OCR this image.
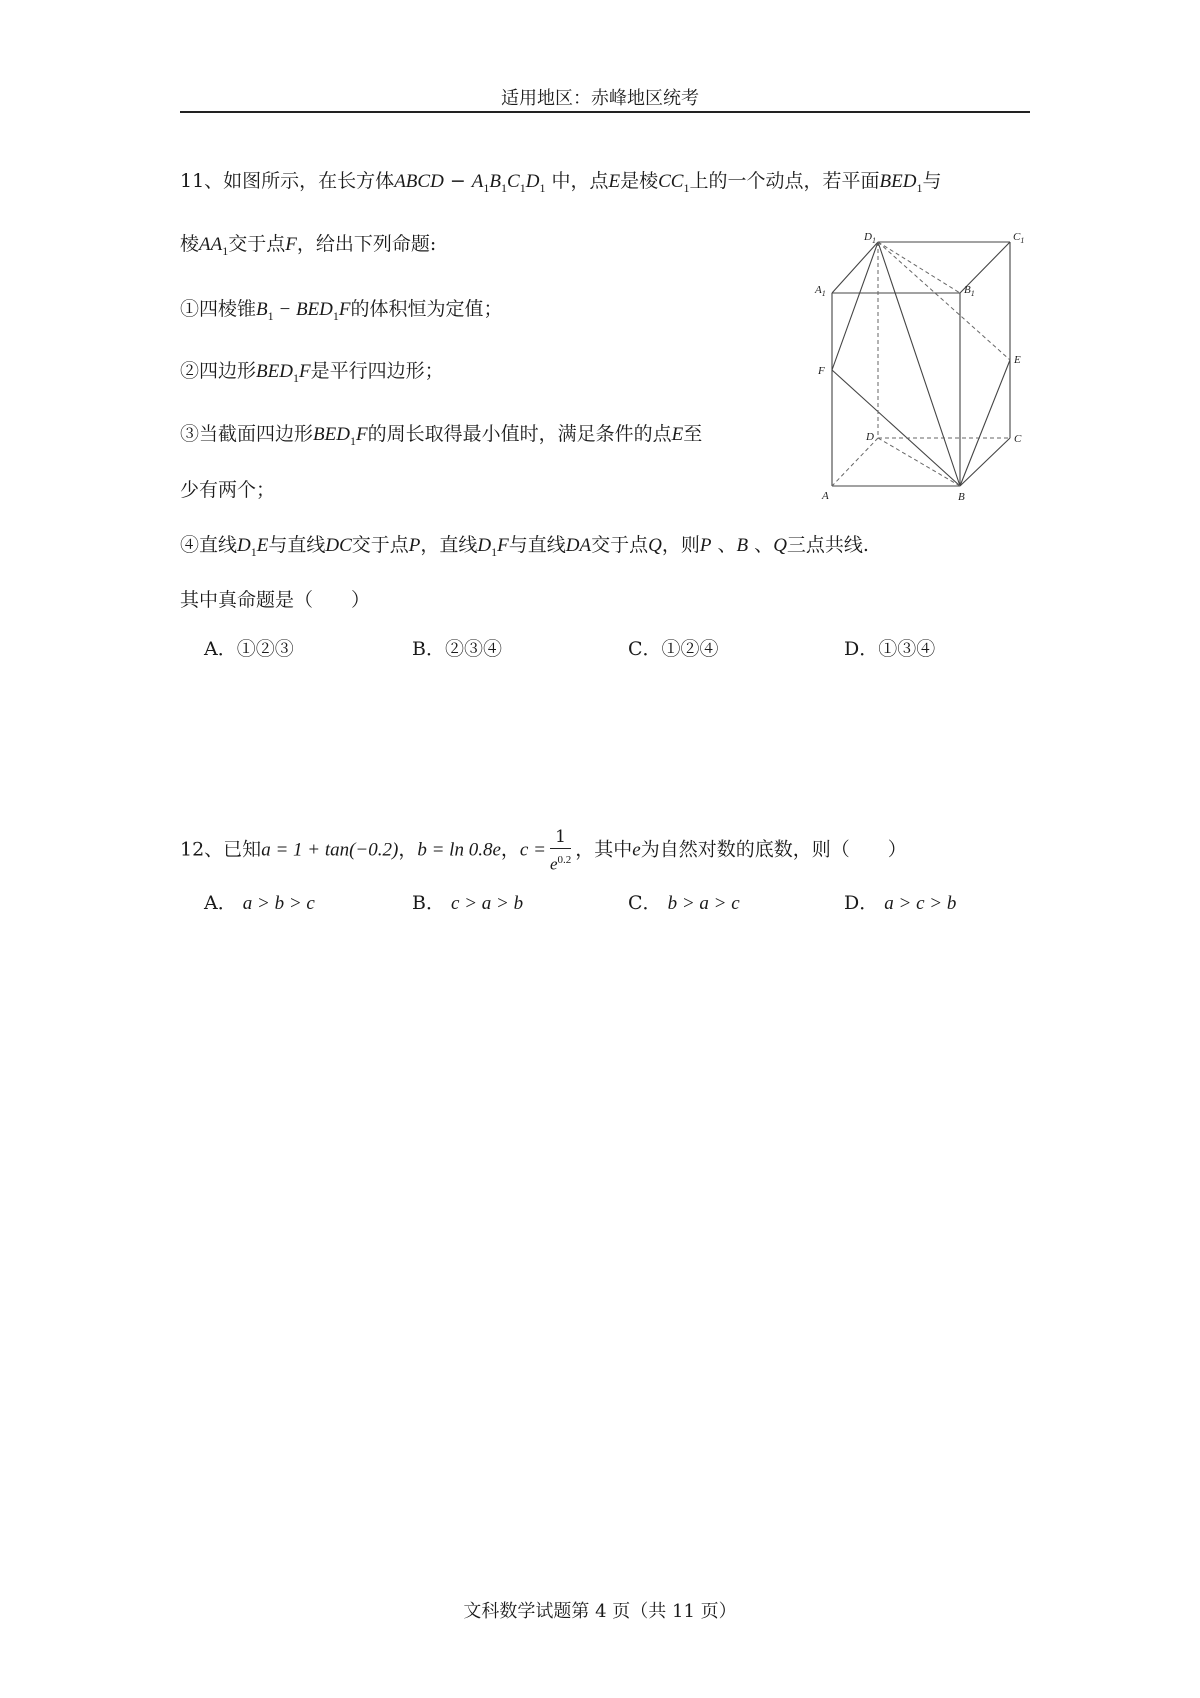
适用地区：赤峰地区统考
11、如图所示，在长方体ABCD − $A_1B_1C_1D_1$ 中，点E是棱$CC_1$上的一个动点，若平面$BED_1$与
棱$AA_1$交于点F，给出下列命题:
①四棱锥$B_1 - BED_1F$的体积恒为定值；
②四边形$BED_1F$是平行四边形；
③当截面四边形$BED_1F$的周长取得最小值时，满足条件的点E至
少有两个；
④直线$D_1E$与直线DC交于点P，直线$D_1F$与直线DA交于点Q，则P 、B 、Q三点共线.
其中真命题是（　　）
A．①②③	B．②③④	C．①②④	D．①③④
$D_1$	$C_1$
$A_1$	$B_1$
E
F
D	C
A	B
12、已知a = 1 + tan(−0.2)，b = ln 0.8e，$c = \frac{1}{e^{0.2}}$ ，其中e为自然对数的底数，则（　　）
A． a > b > c	B． c > a > b	C． b > a > c	D． a > c > b
文科数学试题第 4 页（共 11 页）
